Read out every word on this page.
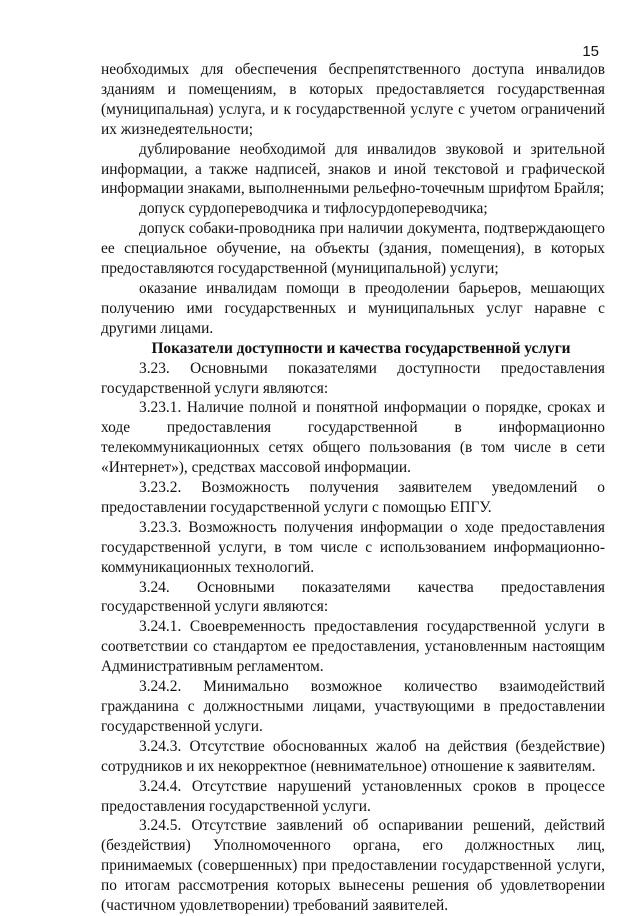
15

необходимых для обеспечения беспрепятственного доступа инвалидов зданиям и помещениям, в которых предоставляется государственная (муниципальная) услуга, и к государственной услуге с учетом ограничений их жизнедеятельности;

дублирование необходимой для инвалидов звуковой и зрительной информации, а также надписей, знаков и иной текстовой и графической информации знаками, выполненными рельефно-точечным шрифтом Брайля;

допуск сурдопереводчика и тифлосурдопереводчика;

допуск собаки-проводника при наличии документа, подтверждающего ее специальное обучение, на объекты (здания, помещения), в которых предоставляются государственной (муниципальной) услуги;

оказание инвалидам помощи в преодолении барьеров, мешающих получению ими государственных и муниципальных услуг наравне с другими лицами.

Показатели доступности и качества государственной услуги

3.23. Основными показателями доступности предоставления государственной услуги являются:

3.23.1. Наличие полной и понятной информации о порядке, сроках и ходе предоставления государственной в информационно телекоммуникационных сетях общего пользования (в том числе в сети «Интернет»), средствах массовой информации.

3.23.2. Возможность получения заявителем уведомлений о предоставлении государственной услуги с помощью ЕПГУ.

3.23.3. Возможность получения информации о ходе предоставления государственной услуги, в том числе с использованием информационно-коммуникационных технологий.

3.24. Основными показателями качества предоставления государственной услуги являются:

3.24.1. Своевременность предоставления государственной услуги в соответствии со стандартом ее предоставления, установленным настоящим Административным регламентом.

3.24.2. Минимально возможное количество взаимодействий гражданина с должностными лицами, участвующими в предоставлении государственной услуги.

3.24.3. Отсутствие обоснованных жалоб на действия (бездействие) сотрудников и их некорректное (невнимательное) отношение к заявителям.

3.24.4. Отсутствие нарушений установленных сроков в процессе предоставления государственной услуги.

3.24.5. Отсутствие заявлений об оспаривании решений, действий (бездействия) Уполномоченного органа, его должностных лиц, принимаемых (совершенных) при предоставлении государственной услуги, по итогам рассмотрения которых вынесены решения об удовлетворении (частичном удовлетворении) требований заявителей.
